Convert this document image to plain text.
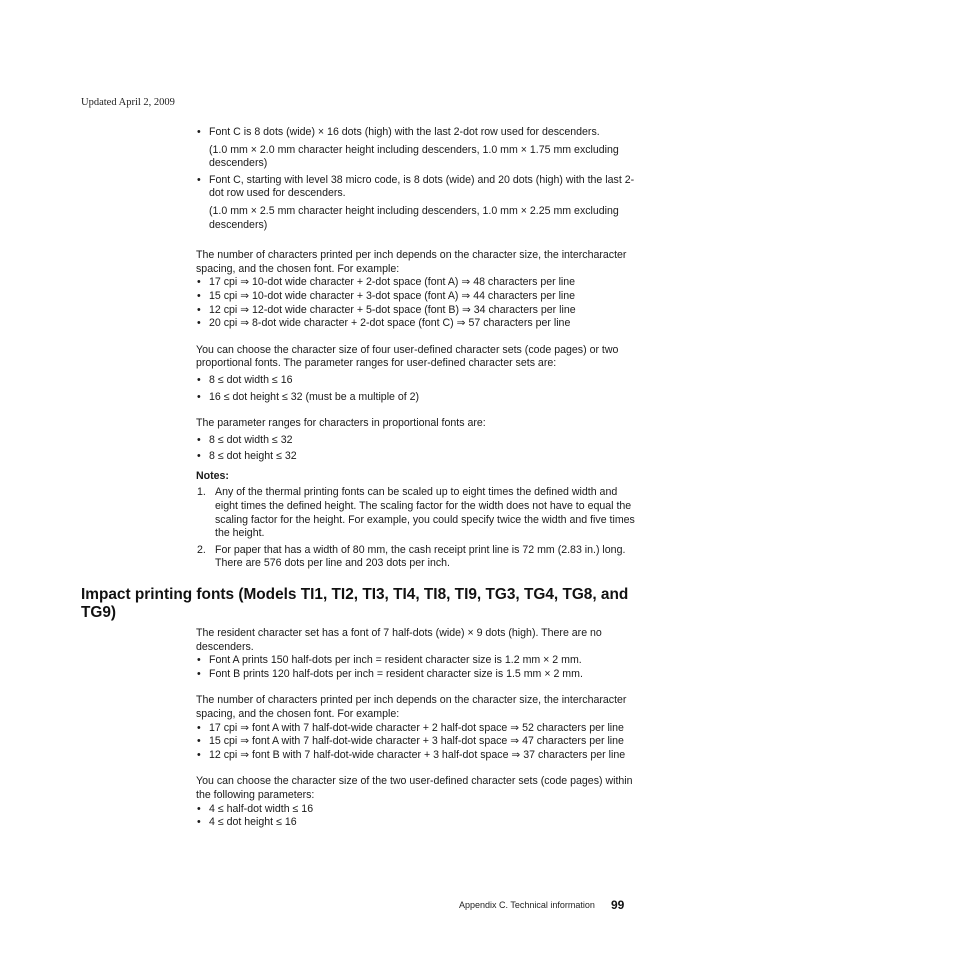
Updated April 2, 2009
• Font C is 8 dots (wide) × 16 dots (high) with the last 2-dot row used for descenders.

(1.0 mm × 2.0 mm character height including descenders, 1.0 mm × 1.75 mm excluding descenders)

• Font C, starting with level 38 micro code, is 8 dots (wide) and 20 dots (high) with the last 2-dot row used for descenders.

(1.0 mm × 2.5 mm character height including descenders, 1.0 mm × 2.25 mm excluding descenders)

The number of characters printed per inch depends on the character size, the intercharacter spacing, and the chosen font. For example:

• 17 cpi ⇒ 10-dot wide character + 2-dot space (font A) ⇒ 48 characters per line
• 15 cpi ⇒ 10-dot wide character + 3-dot space (font A) ⇒ 44 characters per line
• 12 cpi ⇒ 12-dot wide character + 5-dot space (font B) ⇒ 34 characters per line
• 20 cpi ⇒ 8-dot wide character + 2-dot space (font C) ⇒ 57 characters per line

You can choose the character size of four user-defined character sets (code pages) or two proportional fonts. The parameter ranges for user-defined character sets are:

• 8 ≤ dot width ≤ 16
• 16 ≤ dot height ≤ 32 (must be a multiple of 2)

The parameter ranges for characters in proportional fonts are:

• 8 ≤ dot width ≤ 32
• 8 ≤ dot height ≤ 32

Notes:

1. Any of the thermal printing fonts can be scaled up to eight times the defined width and eight times the defined height. The scaling factor for the width does not have to equal the scaling factor for the height. For example, you could specify twice the width and five times the height.
2. For paper that has a width of 80 mm, the cash receipt print line is 72 mm (2.83 in.) long. There are 576 dots per line and 203 dots per inch.
Impact printing fonts (Models TI1, TI2, TI3, TI4, TI8, TI9, TG3, TG4, TG8, and TG9)

The resident character set has a font of 7 half-dots (wide) × 9 dots (high). There are no descenders.

• Font A prints 150 half-dots per inch = resident character size is 1.2 mm × 2 mm.
• Font B prints 120 half-dots per inch = resident character size is 1.5 mm × 2 mm.

The number of characters printed per inch depends on the character size, the intercharacter spacing, and the chosen font. For example:

• 17 cpi ⇒ font A with 7 half-dot-wide character + 2 half-dot space ⇒ 52 characters per line
• 15 cpi ⇒ font A with 7 half-dot-wide character + 3 half-dot space ⇒ 47 characters per line
• 12 cpi ⇒ font B with 7 half-dot-wide character + 3 half-dot space ⇒ 37 characters per line

You can choose the character size of the two user-defined character sets (code pages) within the following parameters:

• 4 ≤ half-dot width ≤ 16
• 4 ≤ dot height ≤ 16
Appendix C. Technical information 99
